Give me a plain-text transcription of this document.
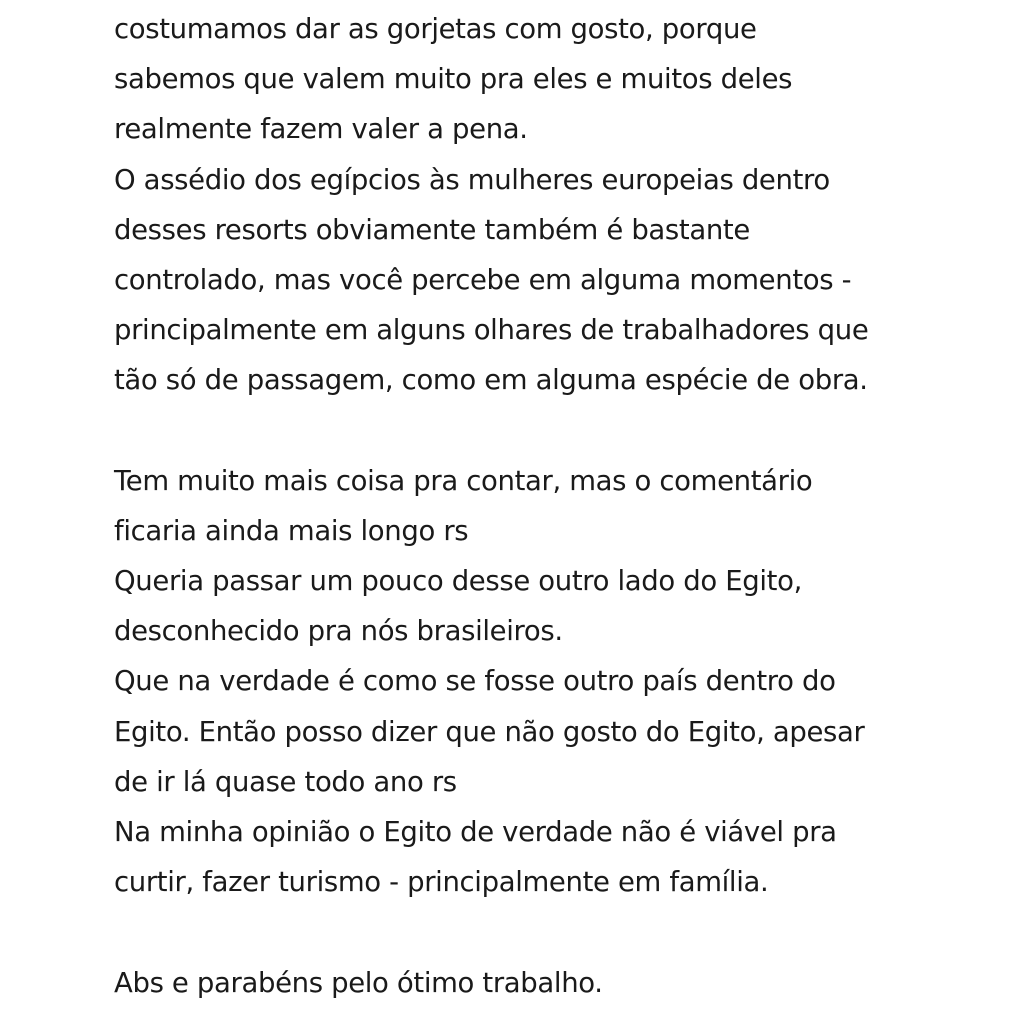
costumamos dar as gorjetas com gosto, porque
sabemos que valem muito pra eles e muitos deles
realmente fazem valer a pena.
O assédio dos egípcios às mulheres europeias dentro
desses resorts obviamente também é bastante
controlado, mas você percebe em alguma momentos -
principalmente em alguns olhares de trabalhadores que
tão só de passagem, como em alguma espécie de obra.
Tem muito mais coisa pra contar, mas o comentário
ficaria ainda mais longo rs
Queria passar um pouco desse outro lado do Egito,
desconhecido pra nós brasileiros.
Que na verdade é como se fosse outro país dentro do
Egito. Então posso dizer que não gosto do Egito, apesar
de ir lá quase todo ano rs
Na minha opinião o Egito de verdade não é viável pra
curtir, fazer turismo - principalmente em família.
Abs e parabéns pelo ótimo trabalho.
